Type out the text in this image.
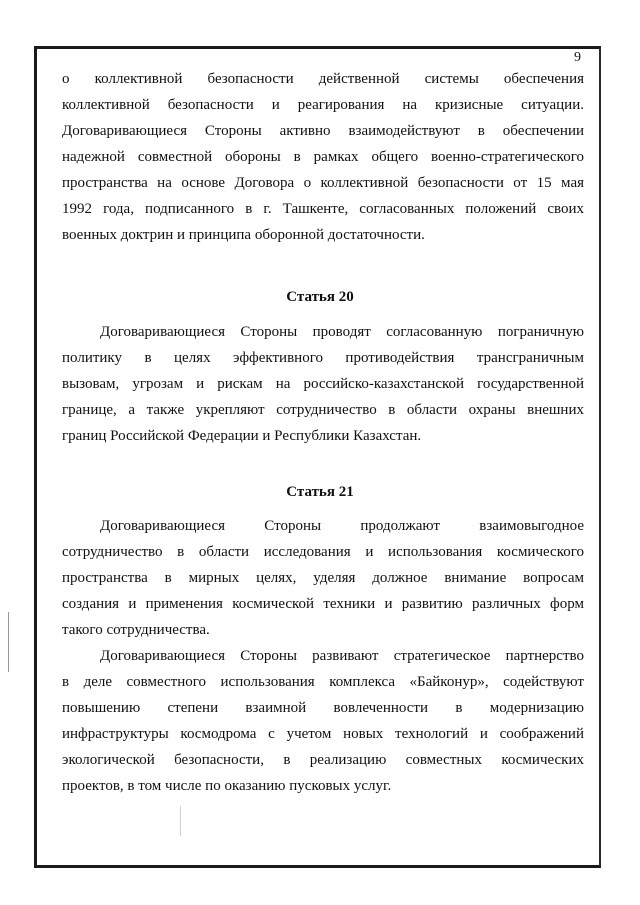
9
о коллективной безопасности действенной системы обеспечения
коллективной безопасности и реагирования на кризисные ситуации.
Договаривающиеся Стороны активно взаимодействуют в обеспечении
надежной совместной обороны в рамках общего военно-стратегического
пространства на основе Договора о коллективной безопасности от 15 мая
1992 года, подписанного в г. Ташкенте, согласованных положений своих
военных доктрин и принципа оборонной достаточности.
Статья 20
Договаривающиеся Стороны проводят согласованную пограничную
политику в целях эффективного противодействия трансграничным
вызовам, угрозам и рискам на российско-казахстанской государственной
границе, а также укрепляют сотрудничество в области охраны внешних
границ Российской Федерации и Республики Казахстан.
Статья 21
Договаривающиеся Стороны продолжают взаимовыгодное
сотрудничество в области исследования и использования космического
пространства в мирных целях, уделяя должное внимание вопросам
создания и применения космической техники и развитию различных форм
такого сотрудничества.
Договаривающиеся Стороны развивают стратегическое партнерство
в деле совместного использования комплекса «Байконур», содействуют
повышению степени взаимной вовлеченности в модернизацию
инфраструктуры космодрома с учетом новых технологий и соображений
экологической безопасности, в реализацию совместных космических
проектов, в том числе по оказанию пусковых услуг.
